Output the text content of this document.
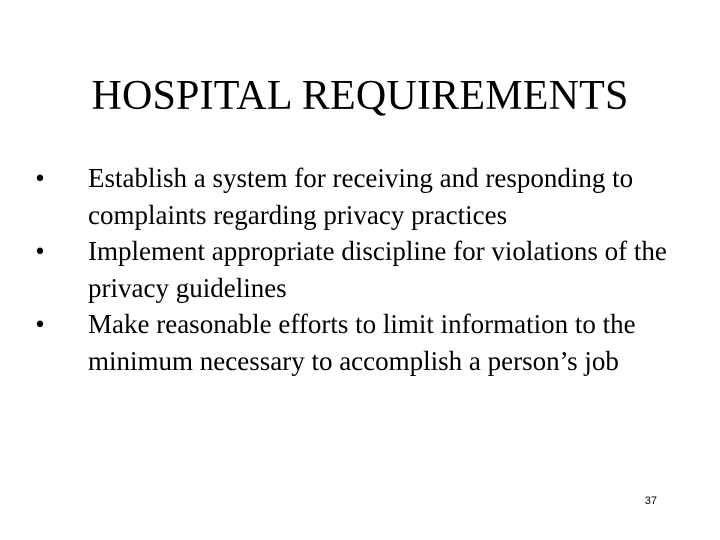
HOSPITAL REQUIREMENTS
• Establish a system for receiving and responding to complaints regarding privacy practices
• Implement appropriate discipline for violations of the privacy guidelines
• Make reasonable efforts to limit information to the minimum necessary to accomplish a person’s job
37
